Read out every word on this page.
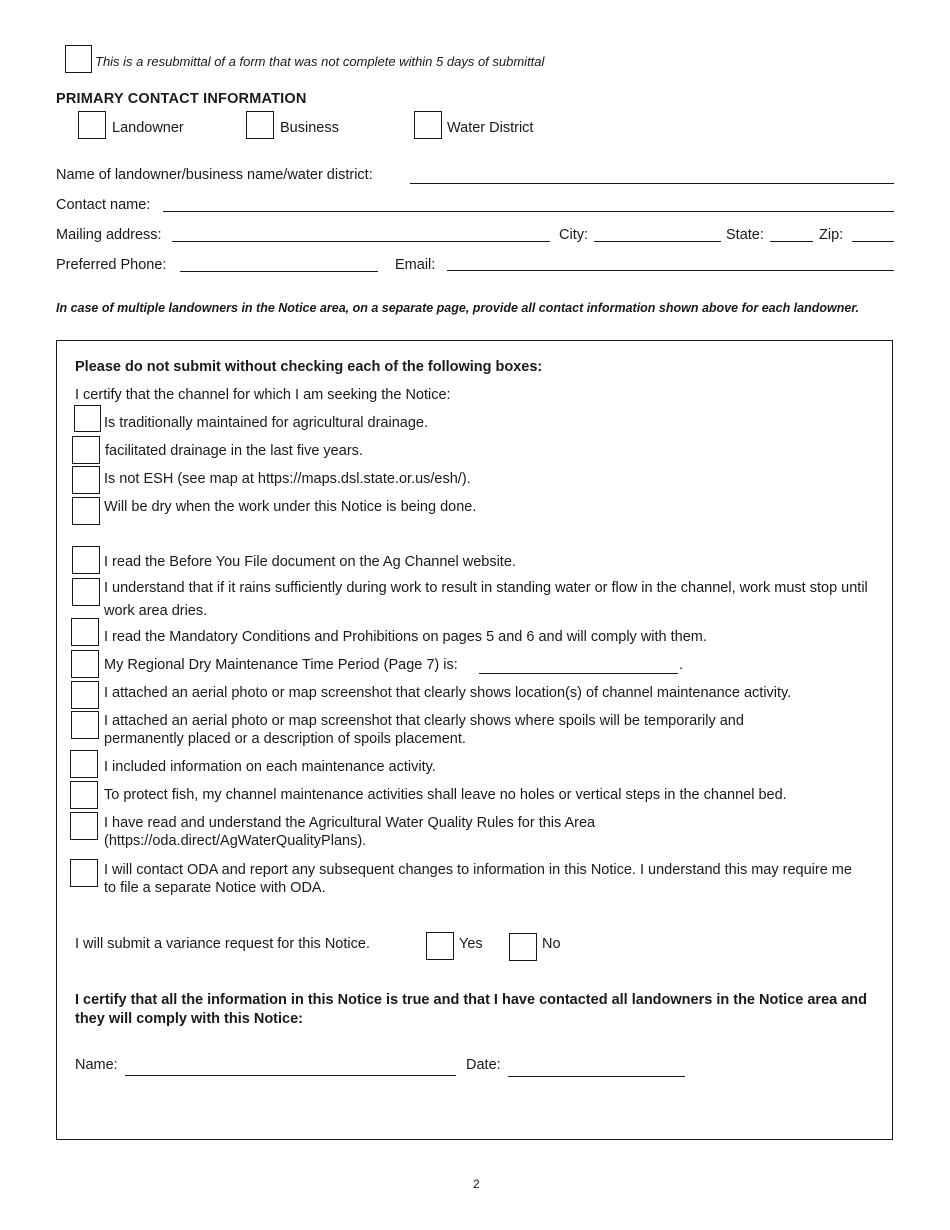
This is a resubmittal of a form that was not complete within 5 days of submittal
PRIMARY CONTACT INFORMATION
Landowner	Business	Water District
Name of landowner/business name/water district:
Contact name:
Mailing address:	City:	State:	Zip:
Preferred Phone:	Email:
In case of multiple landowners in the Notice area, on a separate page, provide all contact information shown above for each landowner.
Please do not submit without checking each of the following boxes:
I certify that the channel for which I am seeking the Notice:
Is traditionally maintained for agricultural drainage.
facilitated drainage in the last five years.
Is not ESH (see map at https://maps.dsl.state.or.us/esh/).
Will be dry when the work under this Notice is being done.
I read the Before You File document on the Ag Channel website.
I understand that if it rains sufficiently during work to result in standing water or flow in the channel, work must stop until work area dries.
I read the Mandatory Conditions and Prohibitions on pages 5 and 6 and will comply with them.
My Regional Dry Maintenance Time Period (Page 7) is:	.
I attached an aerial photo or map screenshot that clearly shows location(s) of channel maintenance activity.
I attached an aerial photo or map screenshot that clearly shows where spoils will be temporarily and permanently placed or a description of spoils placement.
I included information on each maintenance activity.
To protect fish, my channel maintenance activities shall leave no holes or vertical steps in the channel bed.
I have read and understand the Agricultural Water Quality Rules for this Area (https://oda.direct/AgWaterQualityPlans).
I will contact ODA and report any subsequent changes to information in this Notice. I understand this may require me to file a separate Notice with ODA.
I will submit a variance request for this Notice.	Yes	No
I certify that all the information in this Notice is true and that I have contacted all landowners in the Notice area and they will comply with this Notice:
Name:	Date:
2
